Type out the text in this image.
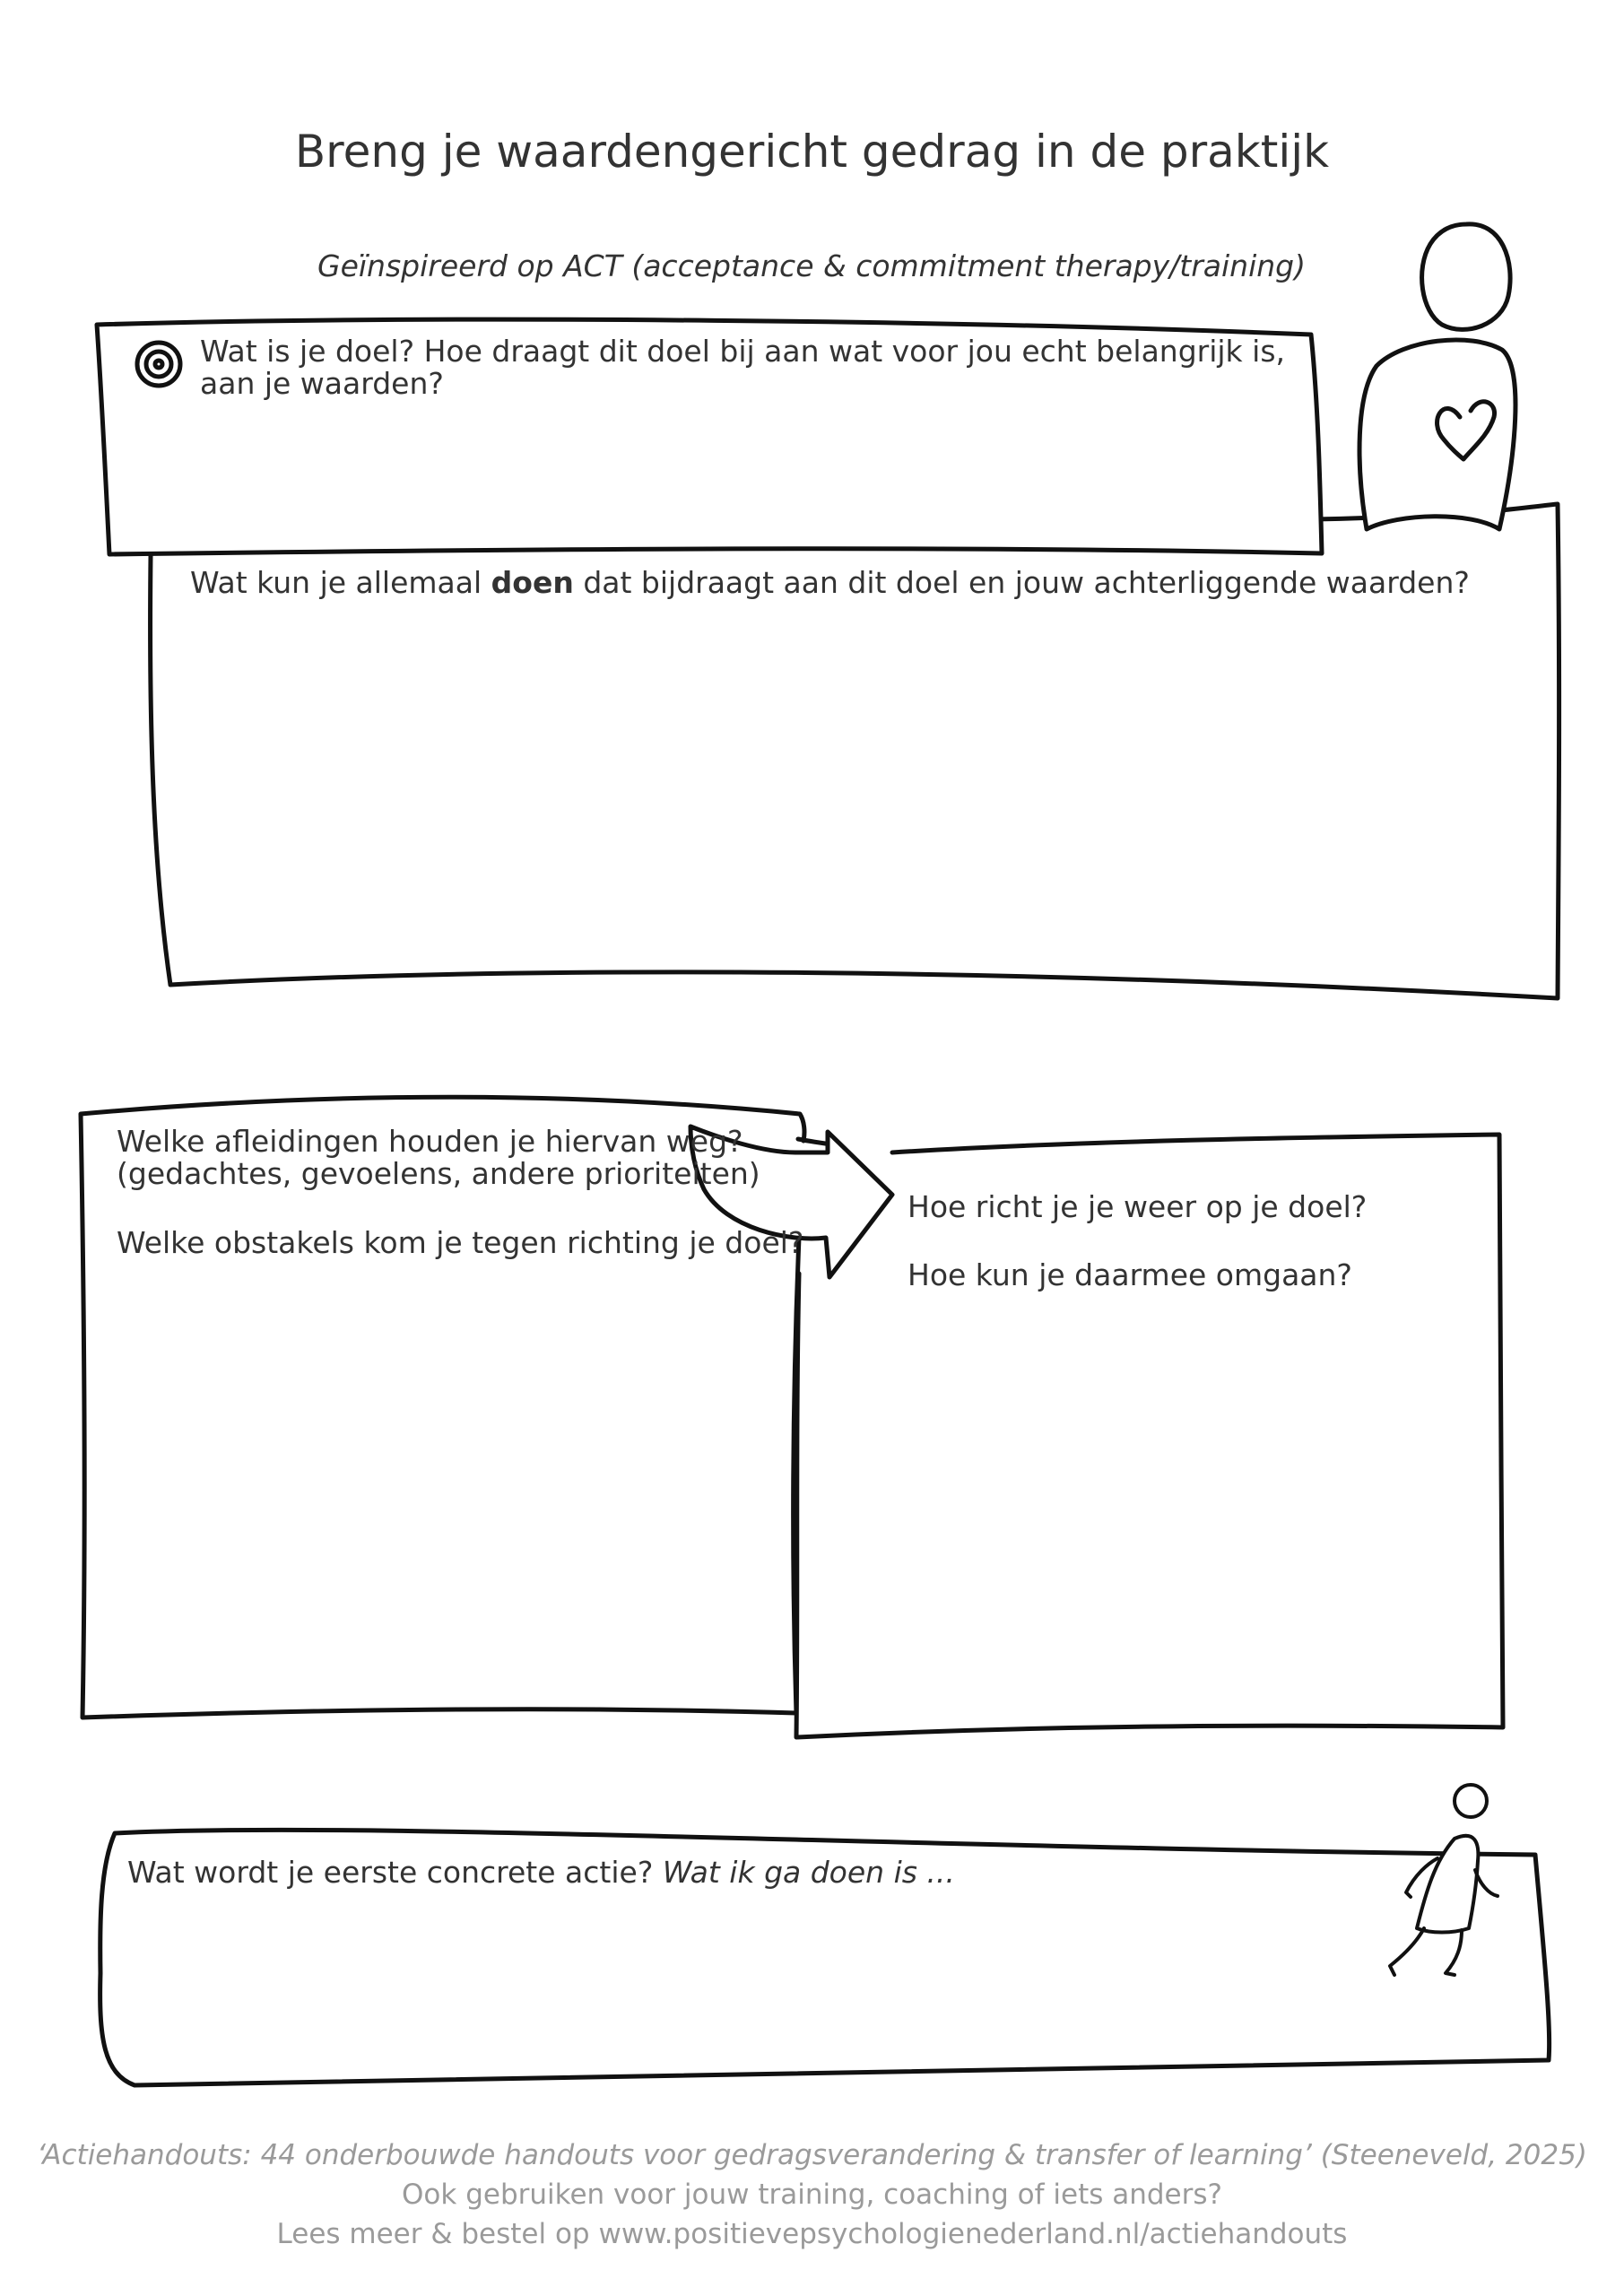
Breng je waardengericht gedrag in de praktijk
Geïnspireerd op ACT (acceptance & commitment therapy/training)
Wat is je doel? Hoe draagt dit doel bij aan wat voor jou echt belangrijk is, aan je waarden?
Wat kun je allemaal doen dat bijdraagt aan dit doel en jouw achterliggende waarden?

Welke afleidingen houden je hiervan weg? (gedachtes, gevoelens, andere prioriteiten)

Welke obstakels kom je tegen richting je doel?

Hoe richt je je weer op je doel?

Hoe kun je daarmee omgaan?

Wat wordt je eerste concrete actie? Wat ik ga doen is ...
‘Actiehandouts: 44 onderbouwde handouts voor gedragsverandering & transfer of learning’ (Steeneveld, 2025)
Ook gebruiken voor jouw training, coaching of iets anders?
Lees meer & bestel op www.positievepsychologienederland.nl/actiehandouts
